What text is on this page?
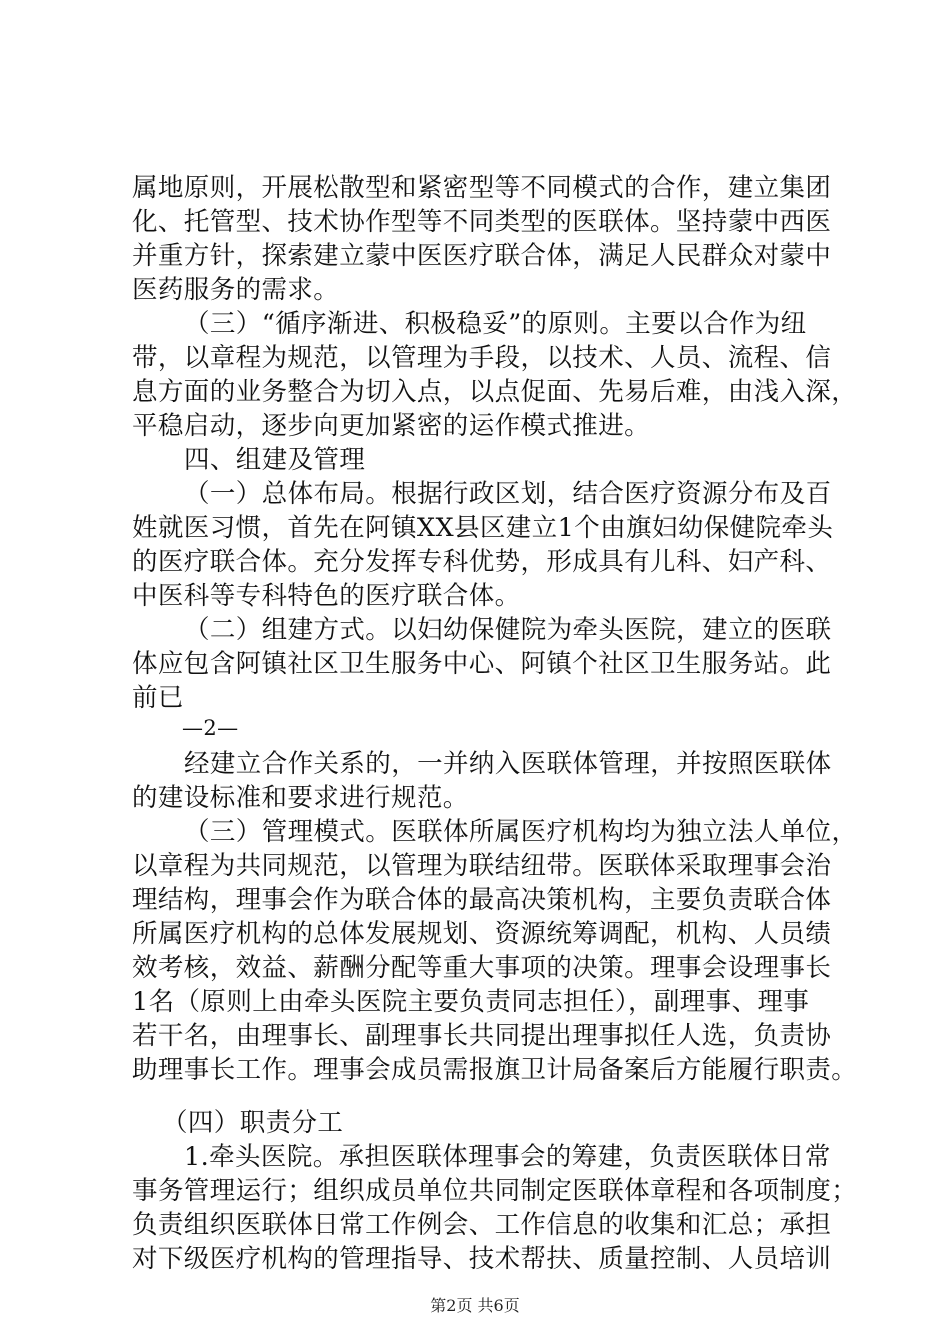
属地原则，开展松散型和紧密型等不同模式的合作，建立集团
化、托管型、技术协作型等不同类型的医联体。坚持蒙中西医
并重方针，探索建立蒙中医医疗联合体，满足人民群众对蒙中
医药服务的需求。
（三）“循序渐进、积极稳妥”的原则。主要以合作为纽
带，以章程为规范，以管理为手段，以技术、人员、流程、信
息方面的业务整合为切入点，以点促面、先易后难，由浅入深，
平稳启动，逐步向更加紧密的运作模式推进。
四、组建及管理
（一）总体布局。根据行政区划，结合医疗资源分布及百
姓就医习惯，首先在阿镇XX县区建立1个由旗妇幼保健院牵头
的医疗联合体。充分发挥专科优势，形成具有儿科、妇产科、
中医科等专科特色的医疗联合体。
（二）组建方式。以妇幼保健院为牵头医院，建立的医联
体应包含阿镇社区卫生服务中心、阿镇个社区卫生服务站。此
前已
—2—
经建立合作关系的，一并纳入医联体管理，并按照医联体
的建设标准和要求进行规范。
（三）管理模式。医联体所属医疗机构均为独立法人单位，
以章程为共同规范，以管理为联结纽带。医联体采取理事会治
理结构，理事会作为联合体的最高决策机构，主要负责联合体
所属医疗机构的总体发展规划、资源统筹调配，机构、人员绩
效考核，效益、薪酬分配等重大事项的决策。理事会设理事长
1名（原则上由牵头医院主要负责同志担任），副理事、理事
若干名，由理事长、副理事长共同提出理事拟任人选，负责协
助理事长工作。理事会成员需报旗卫计局备案后方能履行职责。
（四）职责分工
1.牵头医院。承担医联体理事会的筹建，负责医联体日常
事务管理运行；组织成员单位共同制定医联体章程和各项制度；
负责组织医联体日常工作例会、工作信息的收集和汇总；承担
对下级医疗机构的管理指导、技术帮扶、质量控制、人员培训
第2页 共6页
